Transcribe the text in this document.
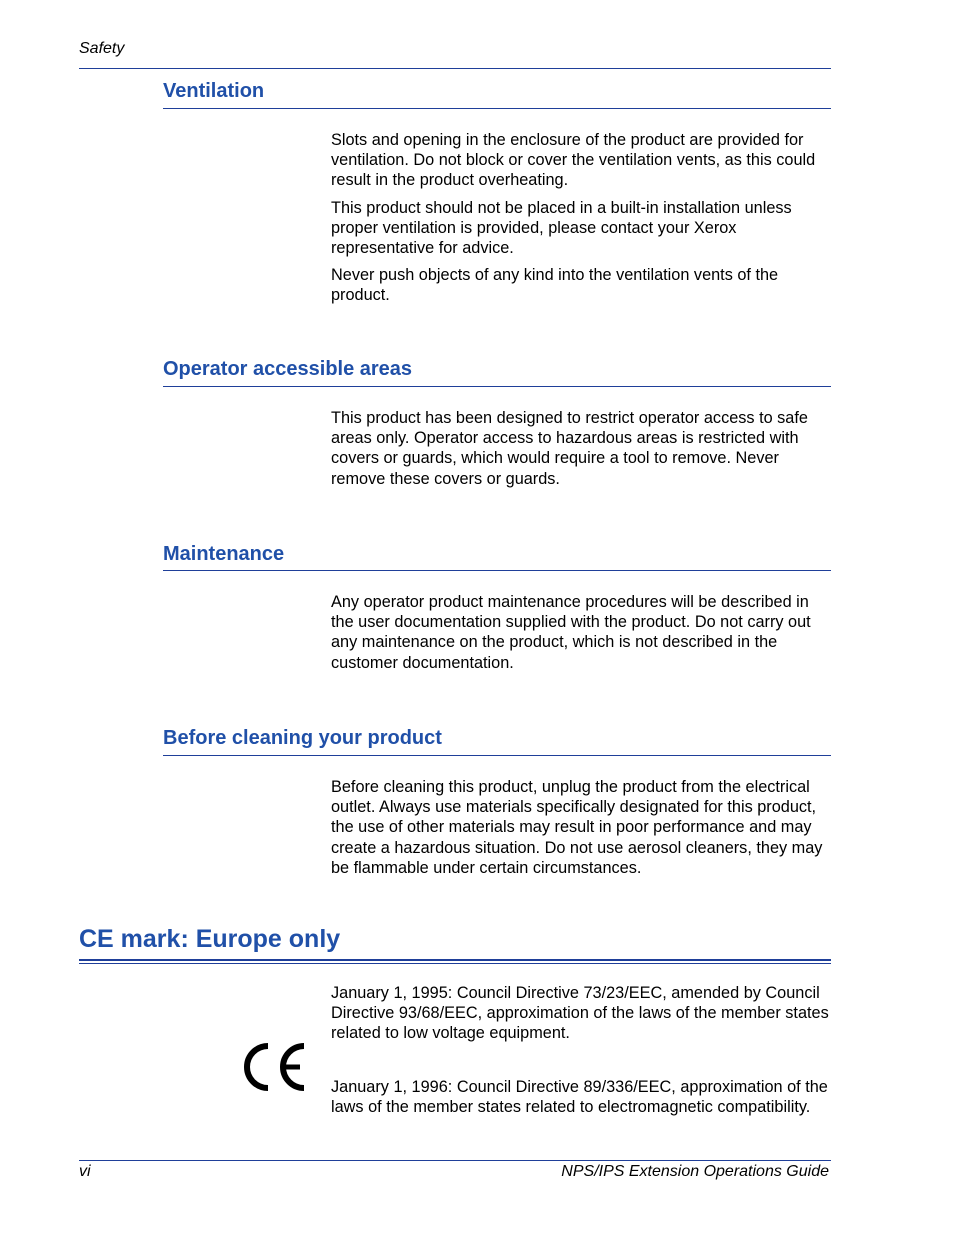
Safety
Ventilation

Slots and opening in the enclosure of the product are provided for ventilation. Do not block or cover the ventilation vents, as this could result in the product overheating.

This product should not be placed in a built-in installation unless proper ventilation is provided, please contact your Xerox representative for advice.

Never push objects of any kind into the ventilation vents of the product.

Operator accessible areas

This product has been designed to restrict operator access to safe areas only. Operator access to hazardous areas is restricted with covers or guards, which would require a tool to remove. Never remove these covers or guards.

Maintenance

Any operator product maintenance procedures will be described in the user documentation supplied with the product. Do not carry out any maintenance on the product, which is not described in the customer documentation.

Before cleaning your product

Before cleaning this product, unplug the product from the electrical outlet. Always use materials specifically designated for this product, the use of other materials may result in poor performance and may create a hazardous situation. Do not use aerosol cleaners, they may be flammable under certain circumstances.

CE mark: Europe only

January 1, 1995: Council Directive 73/23/EEC, amended by Council Directive 93/68/EEC, approximation of the laws of the member states related to low voltage equipment.

January 1, 1996: Council Directive 89/336/EEC, approximation of the laws of the member states related to electromagnetic compatibility.

vi	NPS/IPS Extension Operations Guide
